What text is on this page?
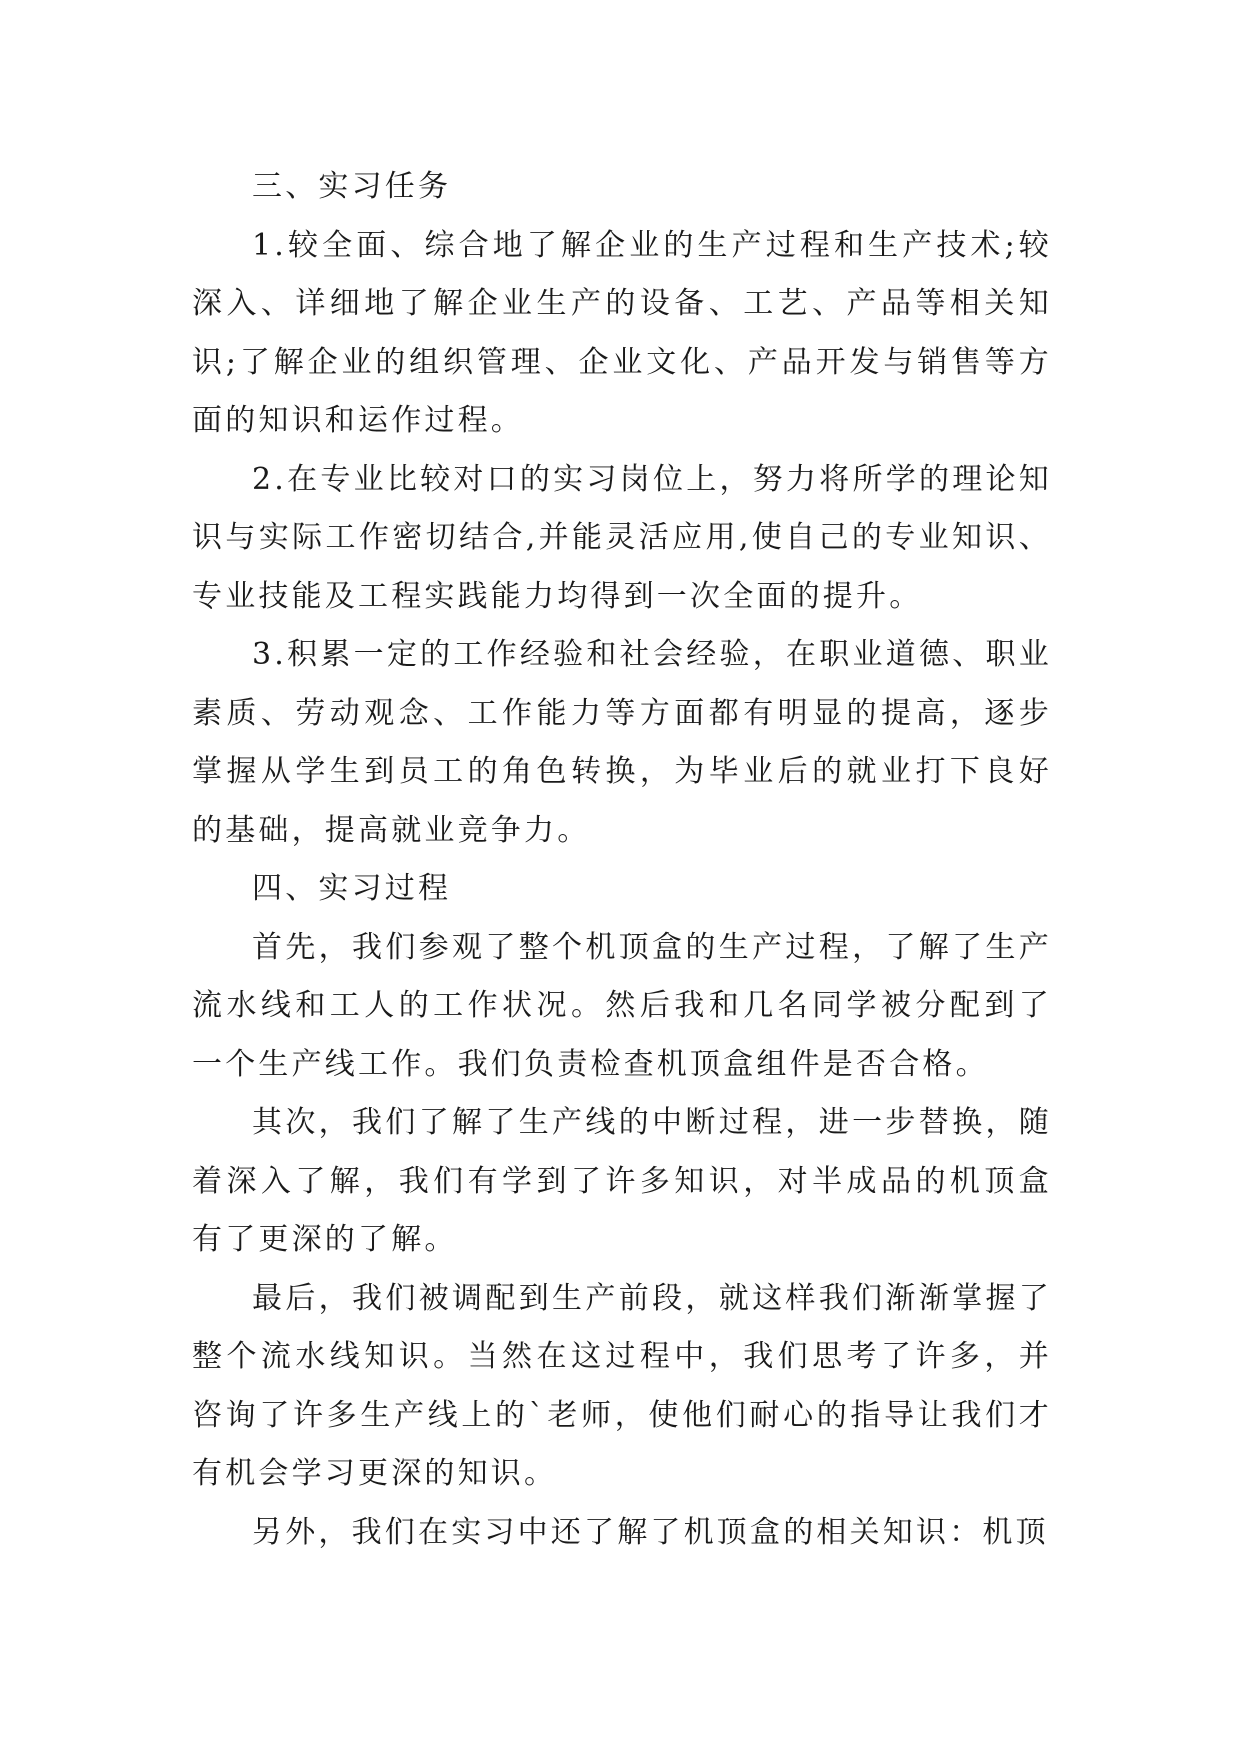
三、实习任务

1.较全面、综合地了解企业的生产过程和生产技术;较深入、详细地了解企业生产的设备、工艺、产品等相关知识;了解企业的组织管理、企业文化、产品开发与销售等方面的知识和运作过程。

2.在专业比较对口的实习岗位上，努力将所学的理论知识与实际工作密切结合,并能灵活应用,使自己的专业知识、专业技能及工程实践能力均得到一次全面的提升。

3.积累一定的工作经验和社会经验，在职业道德、职业素质、劳动观念、工作能力等方面都有明显的提高，逐步掌握从学生到员工的角色转换，为毕业后的就业打下良好的基础，提高就业竞争力。

四、实习过程

首先，我们参观了整个机顶盒的生产过程，了解了生产流水线和工人的工作状况。然后我和几名同学被分配到了一个生产线工作。我们负责检查机顶盒组件是否合格。

其次，我们了解了生产线的中断过程，进一步替换，随着深入了解，我们有学到了许多知识，对半成品的机顶盒有了更深的了解。

最后，我们被调配到生产前段，就这样我们渐渐掌握了整个流水线知识。当然在这过程中，我们思考了许多，并咨询了许多生产线上的`老师，使他们耐心的指导让我们才有机会学习更深的知识。

另外，我们在实习中还了解了机顶盒的相关知识：机顶
